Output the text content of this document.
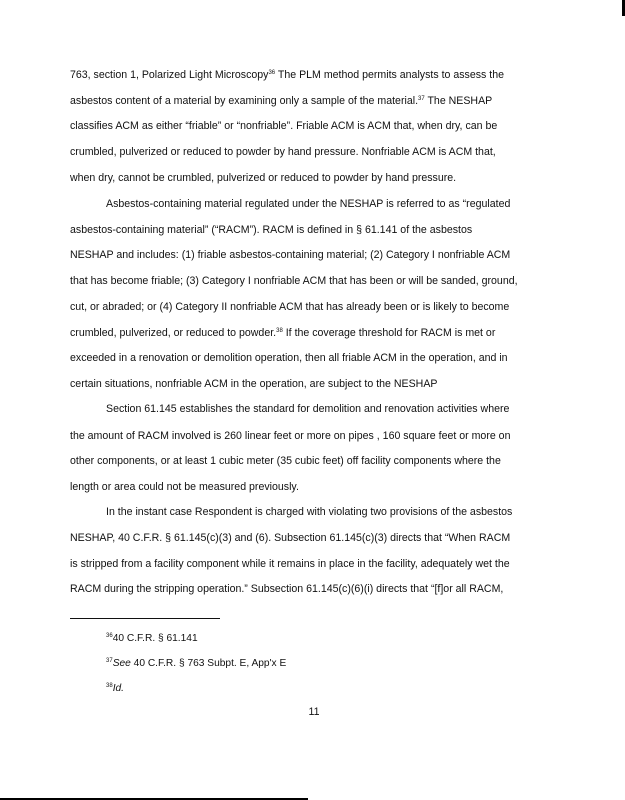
763, section 1, Polarized Light Microscopy$^{36}$ The PLM method permits analysts to assess the
asbestos content of a material by examining only a sample of the material.$^{37}$ The NESHAP
classifies ACM as either “friable” or “nonfriable”. Friable ACM is ACM that, when dry, can be
crumbled, pulverized or reduced to powder by hand pressure. Nonfriable ACM is ACM that,
when dry, cannot be crumbled, pulverized or reduced to powder by hand pressure.
Asbestos-containing material regulated under the NESHAP is referred to as “regulated
asbestos-containing material” (“RACM”). RACM is defined in § 61.141 of the asbestos
NESHAP and includes: (1) friable asbestos-containing material; (2) Category I nonfriable ACM
that has become friable; (3) Category I nonfriable ACM that has been or will be sanded, ground,
cut, or abraded; or (4) Category II nonfriable ACM that has already been or is likely to become
crumbled, pulverized, or reduced to powder.$^{38}$ If the coverage threshold for RACM is met or
exceeded in a renovation or demolition operation, then all friable ACM in the operation, and in
certain situations, nonfriable ACM in the operation, are subject to the NESHAP
Section 61.145 establishes the standard for demolition and renovation activities where
the amount of RACM involved is 260 linear feet or more on pipes , 160 square feet or more on
other components, or at least 1 cubic meter (35 cubic feet) off facility components where the
length or area could not be measured previously.
In the instant case Respondent is charged with violating two provisions of the asbestos
NESHAP, 40 C.F.R. § 61.145(c)(3) and (6). Subsection 61.145(c)(3) directs that “When RACM
is stripped from a facility component while it remains in place in the facility, adequately wet the
RACM during the stripping operation.” Subsection 61.145(c)(6)(i) directs that “[f]or all RACM,
$^{36}$40 C.F.R. § 61.141
$^{37}$See 40 C.F.R. § 763 Subpt. E, App'x E
$^{38}$Id.
11
